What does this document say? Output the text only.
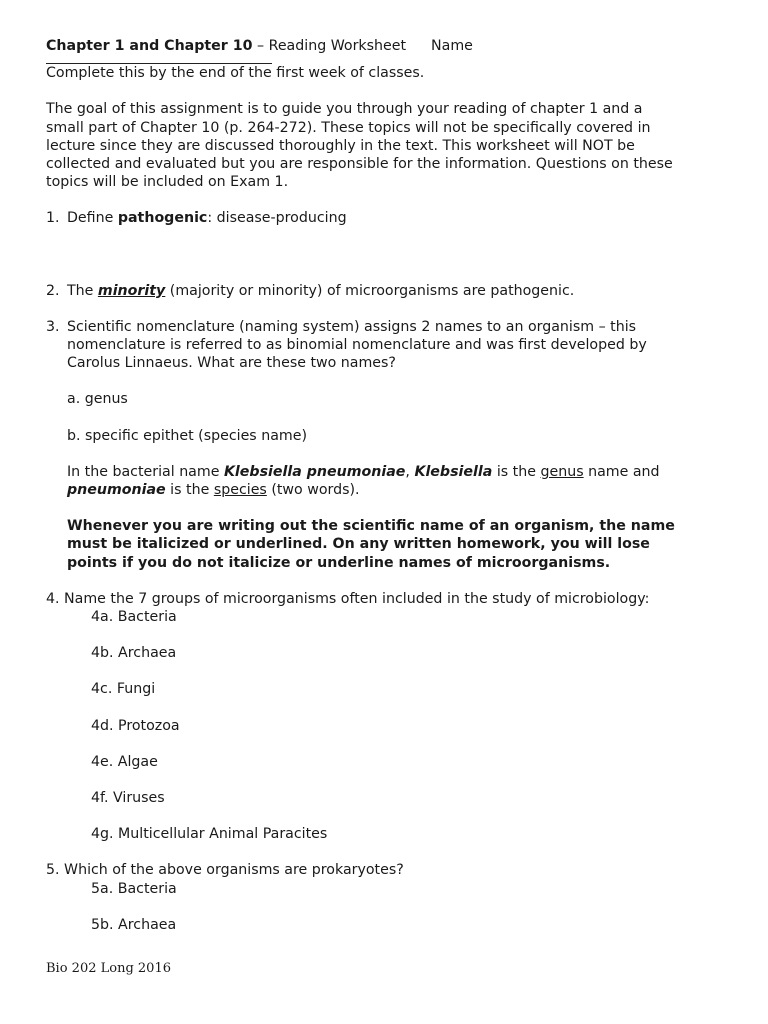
Chapter 1 and Chapter 10 – Reading Worksheet Name

Complete this by the end of the first week of classes.

The goal of this assignment is to guide you through your reading of chapter 1 and a

small part of Chapter 10 (p. 264-272). These topics will not be specifically covered in

lecture since they are discussed thoroughly in the text. This worksheet will NOT be

collected and evaluated but you are responsible for the information. Questions on these

topics will be included on Exam 1.

1. Define pathogenic: disease-producing

2. The minority (majority or minority) of microorganisms are pathogenic.

3. Scientific nomenclature (naming system) assigns 2 names to an organism – this

nomenclature is referred to as binomial nomenclature and was first developed by

Carolus Linnaeus. What are these two names?

a. genus

b. specific epithet (species name)

In the bacterial name Klebsiella pneumoniae, Klebsiella is the genus name and

pneumoniae is the species (two words).

Whenever you are writing out the scientific name of an organism, the name

must be italicized or underlined. On any written homework, you will lose

points if you do not italicize or underline names of microorganisms.

4. Name the 7 groups of microorganisms often included in the study of microbiology:

4a. Bacteria

4b. Archaea

4c. Fungi

4d. Protozoa

4e. Algae

4f. Viruses

4g. Multicellular Animal Paracites

5. Which of the above organisms are prokaryotes?

5a. Bacteria

5b. Archaea

Bio 202 Long 2016
